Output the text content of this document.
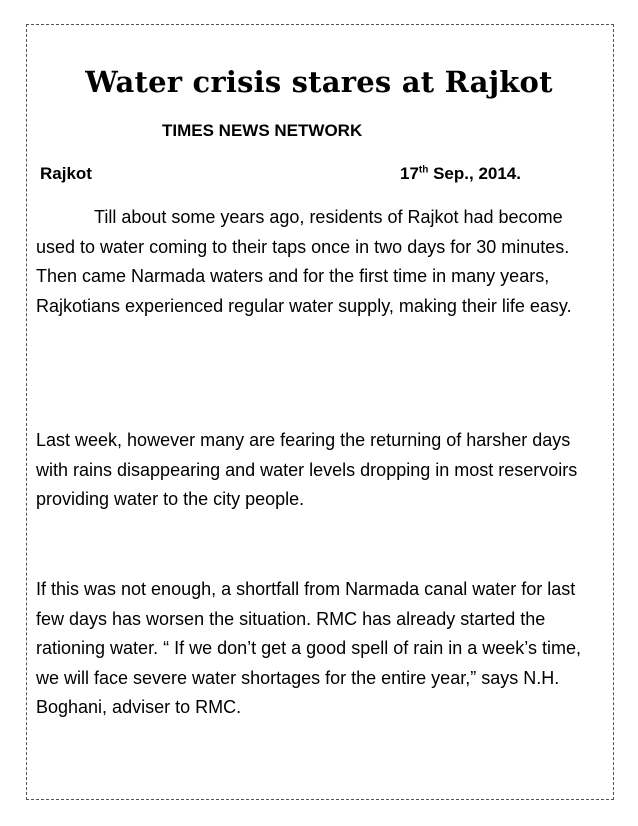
Water crisis stares at Rajkot
TIMES NEWS NETWORK
Rajkot	17th Sep., 2014.

Till about some years ago, residents of Rajkot had become used to water coming to their taps once in two days for 30 minutes. Then came Narmada waters and for the first time in many years, Rajkotians experienced regular water supply, making their life easy.

Last week, however many are fearing the returning of harsher days with rains disappearing and water levels dropping in most reservoirs providing water to the city people.

If this was not enough, a shortfall from Narmada canal water for last few days has worsen the situation. RMC has already started the rationing water. “ If we don’t get a good spell of rain in a week’s time, we will face severe water shortages for the entire year,” says N.H. Boghani, adviser to RMC.
